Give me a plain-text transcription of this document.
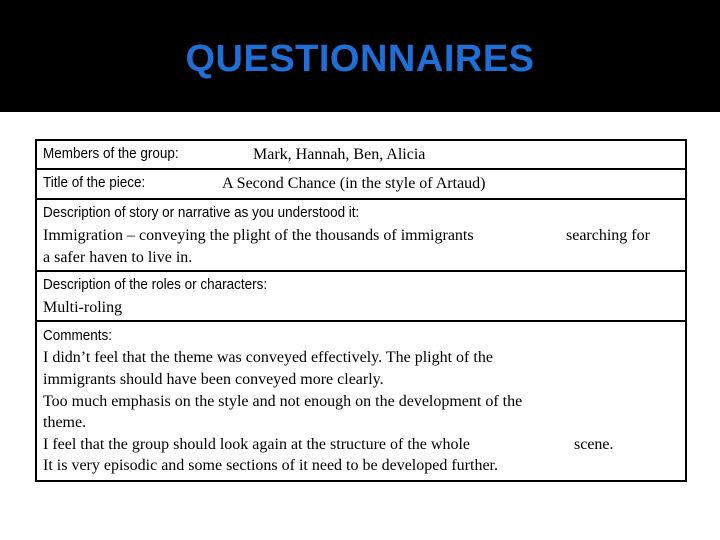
QUESTIONNAIRES
Members of the group:	Mark, Hannah, Ben, Alicia
Title of the piece:	A Second Chance (in the style of Artaud)
Description of story or narrative as you understood it:
Immigration – conveying the plight of the thousands of immigrants	searching for
a safer haven to live in.
Description of the roles or characters:
Multi-roling
Comments:
I didn’t feel that the theme was conveyed effectively. The plight of the
immigrants should have been conveyed more clearly.
Too much emphasis on the style and not enough on the development of the
theme.
I feel that the group should look again at the structure of the whole	scene.
It is very episodic and some sections of it need to be developed further.
